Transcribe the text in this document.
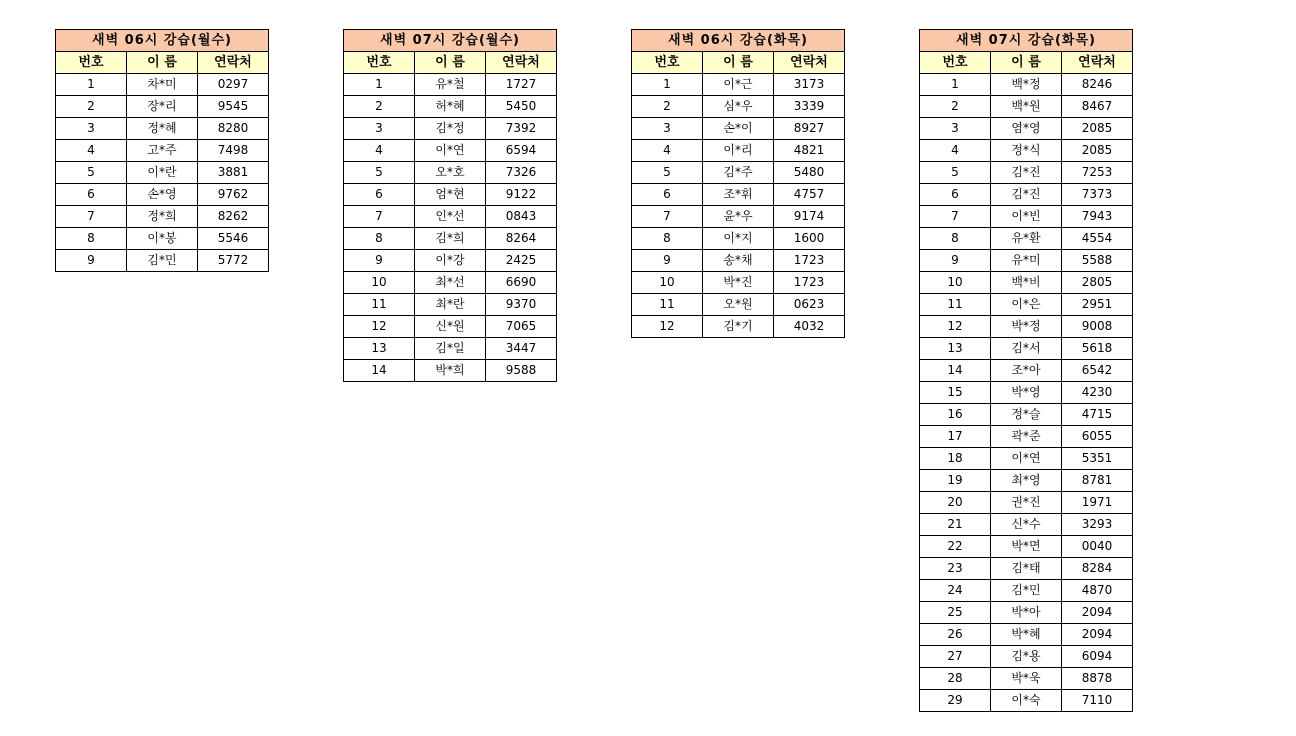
새벽 06시 강습(월수)		
번호	이 름	연락처
1	차*미	0297
2	장*리	9545
3	정*혜	8280
4	고*주	7498
5	이*란	3881
6	손*영	9762
7	정*희	8262
8	이*봉	5546
9	김*민	5772
새벽 07시 강습(월수)		
번호	이 름	연락처
1	유*철	1727
2	허*혜	5450
3	김*정	7392
4	이*연	6594
5	오*호	7326
6	엄*현	9122
7	인*선	0843
8	김*희	8264
9	이*강	2425
10	최*선	6690
11	최*란	9370
12	신*원	7065
13	김*일	3447
14	박*희	9588
새벽 06시 강습(화목)		
번호	이 름	연락처
1	이*근	3173
2	심*우	3339
3	손*이	8927
4	이*리	4821
5	김*주	5480
6	조*휘	4757
7	윤*우	9174
8	이*지	1600
9	송*채	1723
10	박*진	1723
11	오*원	0623
12	김*기	4032
새벽 07시 강습(화목)		
번호	이 름	연락처
1	백*정	8246
2	백*원	8467
3	염*영	2085
4	정*식	2085
5	김*진	7253
6	김*진	7373
7	이*빈	7943
8	유*환	4554
9	유*미	5588
10	백*비	2805
11	이*은	2951
12	박*정	9008
13	김*서	5618
14	조*아	6542
15	박*영	4230
16	정*슬	4715
17	곽*준	6055
18	이*연	5351
19	최*영	8781
20	권*진	1971
21	신*수	3293
22	박*면	0040
23	김*태	8284
24	김*민	4870
25	박*아	2094
26	박*혜	2094
27	김*용	6094
28	박*욱	8878
29	이*숙	7110
